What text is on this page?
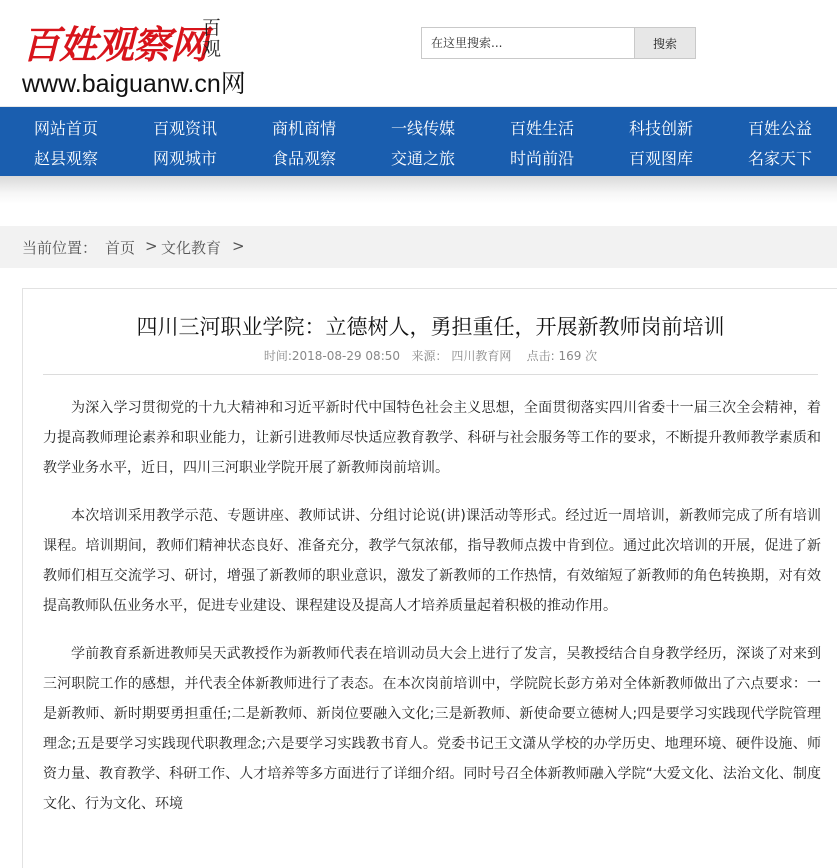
百姓观察网
百观
www.baiguanw.cn网
在这里搜索...
搜索
网站首页	百观资讯	商机商情	一线传媒	百姓生活	科技创新	百姓公益
赵县观察	网观城市	食品观察	交通之旅	时尚前沿	百观图库	名家天下
当前位置： 首页 > 文化教育 >
四川三河职业学院：立德树人，勇担重任，开展新教师岗前培训
时间:2018-08-29 08:50 来源： 四川教育网 点击: 169 次

为深入学习贯彻党的十九大精神和习近平新时代中国特色社会主义思想，全面贯彻落实四川省委十一届三次全会精神，着力提高教师理论素养和职业能力，让新引进教师尽快适应教育教学、科研与社会服务等工作的要求，不断提升教师教学素质和教学业务水平，近日，四川三河职业学院开展了新教师岗前培训。

本次培训采用教学示范、专题讲座、教师试讲、分组讨论说(讲)课活动等形式。经过近一周培训，新教师完成了所有培训课程。培训期间，教师们精神状态良好、准备充分，教学气氛浓郁，指导教师点拨中肯到位。通过此次培训的开展，促进了新教师们相互交流学习、研讨，增强了新教师的职业意识，激发了新教师的工作热情，有效缩短了新教师的角色转换期，对有效提高教师队伍业务水平，促进专业建设、课程建设及提高人才培养质量起着积极的推动作用。

学前教育系新进教师吴天武教授作为新教师代表在培训动员大会上进行了发言，吴教授结合自身教学经历，深谈了对来到三河职院工作的感想，并代表全体新教师进行了表态。在本次岗前培训中，学院院长彭方弟对全体新教师做出了六点要求：一是新教师、新时期要勇担重任;二是新教师、新岗位要融入文化;三是新教师、新使命要立德树人;四是要学习实践现代学院管理理念;五是要学习实践现代职教理念;六是要学习实践教书育人。党委书记王文潇从学校的办学历史、地理环境、硬件设施、师资力量、教育教学、科研工作、人才培养等多方面进行了详细介绍。同时号召全体新教师融入学院“大爱文化、法治文化、制度文化、行为文化、环境
